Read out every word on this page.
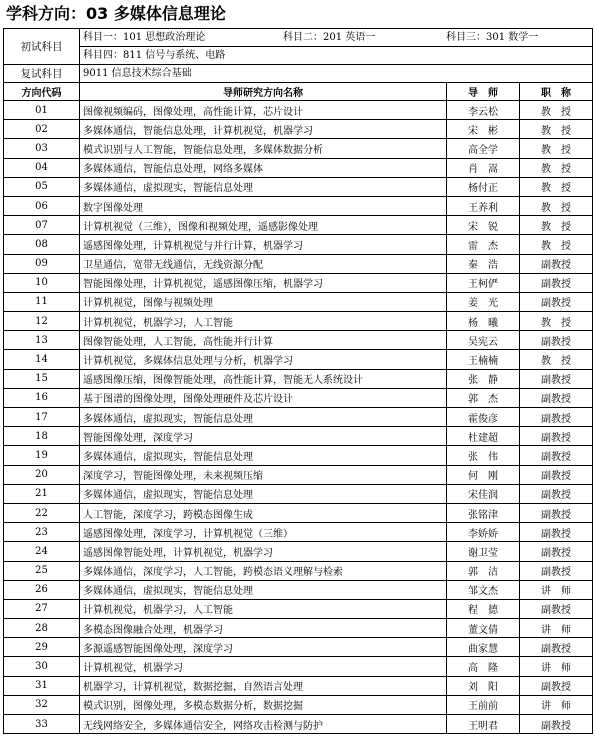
学科方向：03 多媒体信息理论
初试科目	科目一：101 思想政治理论 科目二：201 英语一 科目三：301 数学一		
	科目四：811 信号与系统、电路		
复试科目	9011 信息技术综合基础		
方向代码	导师研究方向名称	导　师	职　称
01	图像视频编码，图像处理，高性能计算，芯片设计	李云松	教　授
02	多媒体通信，智能信息处理，计算机视觉，机器学习	宋　彬	教　授
03	模式识别与人工智能，智能信息处理，多媒体数据分析	高全学	教　授
04	多媒体通信，智能信息处理，网络多媒体	肖　嵩	教　授
05	多媒体通信，虚拟现实，智能信息处理	杨付正	教　授
06	数字图像处理	王养利	教　授
07	计算机视觉（三维），图像和视频处理，遥感影像处理	宋　锐	教　授
08	遥感图像处理，计算机视觉与并行计算，机器学习	雷　杰	教　授
09	卫星通信，宽带无线通信，无线资源分配	秦　浩	副教授
10	智能图像处理，计算机视觉，遥感图像压缩，机器学习	王柯俨	副教授
11	计算机视觉，图像与视频处理	姜　光	副教授
12	计算机视觉，机器学习，人工智能	杨　曦	教　授
13	图像智能处理，人工智能，高性能并行计算	吴宪云	副教授
14	计算机视觉，多媒体信息处理与分析，机器学习	王楠楠	教　授
15	遥感图像压缩，图像智能处理，高性能计算，智能无人系统设计	张　静	副教授
16	基于图谱的图像处理，图像处理硬件及芯片设计	郭　杰	副教授
17	多媒体通信，虚拟现实，智能信息处理	霍俊彦	副教授
18	智能图像处理，深度学习	杜建超	副教授
19	多媒体通信，虚拟现实，智能信息处理	张　伟	副教授
20	深度学习，智能图像处理，未来视频压缩	何　刚	副教授
21	多媒体通信，虚拟现实，智能信息处理	宋佳润	副教授
22	人工智能，深度学习，跨模态图像生成	张铭津	副教授
23	遥感图像处理，深度学习，计算机视觉（三维）	李娇娇	副教授
24	遥感图像智能处理，计算机视觉，机器学习	谢卫莹	副教授
25	多媒体通信，深度学习，人工智能，跨模态语义理解与检索	郭　洁	副教授
26	多媒体通信，虚拟现实，智能信息处理	邹文杰	讲　师
27	计算机视觉，机器学习，人工智能	程　德	副教授
28	多模态图像融合处理，机器学习	董文倩	讲　师
29	多源遥感智能图像处理，深度学习	曲家慧	副教授
30	计算机视觉，机器学习	高　隆	讲　师
31	机器学习，计算机视觉，数据挖掘，自然语言处理	刘　阳	副教授
32	模式识别，图像处理，多模态数据分析，数据挖掘	王前前	讲　师
33	无线网络安全，多媒体通信安全，网络攻击检测与防护	王明君	副教授
